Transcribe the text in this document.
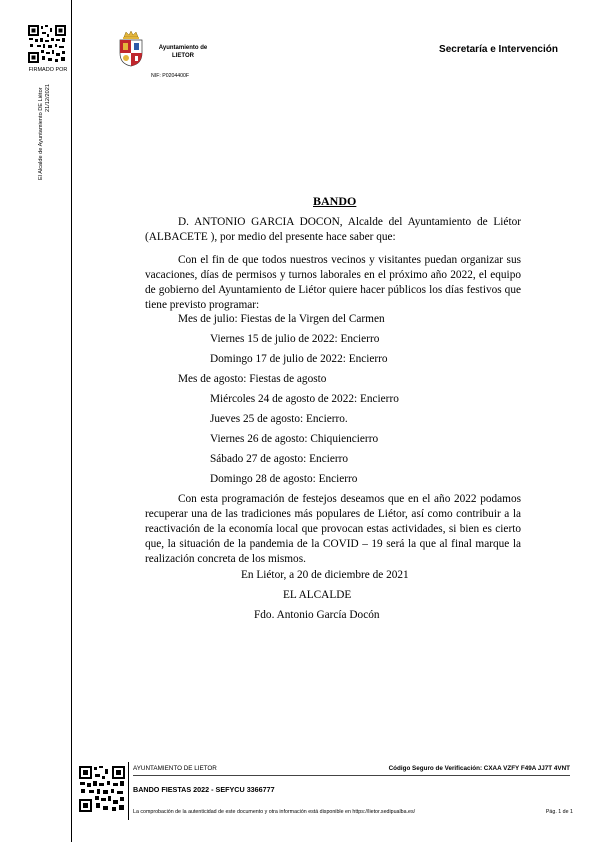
FIRMADO POR
El Alcalde de Ayuntamiento DE Liétor 21/12/2021
Ayuntamiento de
LIETOR
NIF: P0204400F
Secretaría e Intervención
BANDO
D. ANTONIO GARCIA DOCON, Alcalde del Ayuntamiento de Liétor (ALBACETE ), por medio del presente hace saber que:
Con el fin de que todos nuestros vecinos y visitantes puedan organizar sus vacaciones, días de permisos y turnos laborales en el próximo año 2022, el equipo de gobierno del Ayuntamiento de Liétor quiere hacer públicos los días festivos que tiene previsto programar:
Mes de julio: Fiestas de la Virgen del Carmen
Viernes 15 de julio de 2022: Encierro
Domingo 17 de julio de 2022: Encierro
Mes de agosto: Fiestas de agosto
Miércoles 24 de agosto de 2022: Encierro
Jueves 25 de agosto: Encierro.
Viernes 26 de agosto: Chiquiencierro
Sábado 27 de agosto: Encierro
Domingo 28 de agosto: Encierro
Con esta programación de festejos deseamos que en el año 2022 podamos recuperar una de las tradiciones más populares de Liétor, así como contribuir a la reactivación de la economía local que provocan estas actividades, si bien es cierto que, la situación de la pandemia de la COVID – 19 será la que al final marque la realización concreta de los mismos.
En Liétor, a 20 de diciembre de 2021
EL ALCALDE
Fdo. Antonio García Docón
AYUNTAMIENTO DE LIETOR	Código Seguro de Verificación: CXAA VZFY F49A JJ7T 4VNT
BANDO FIESTAS 2022 - SEFYCU 3366777
La comprobación de la autenticidad de este documento y otra información está disponible en https://lietor.sedipualba.es/	Pág. 1 de 1
